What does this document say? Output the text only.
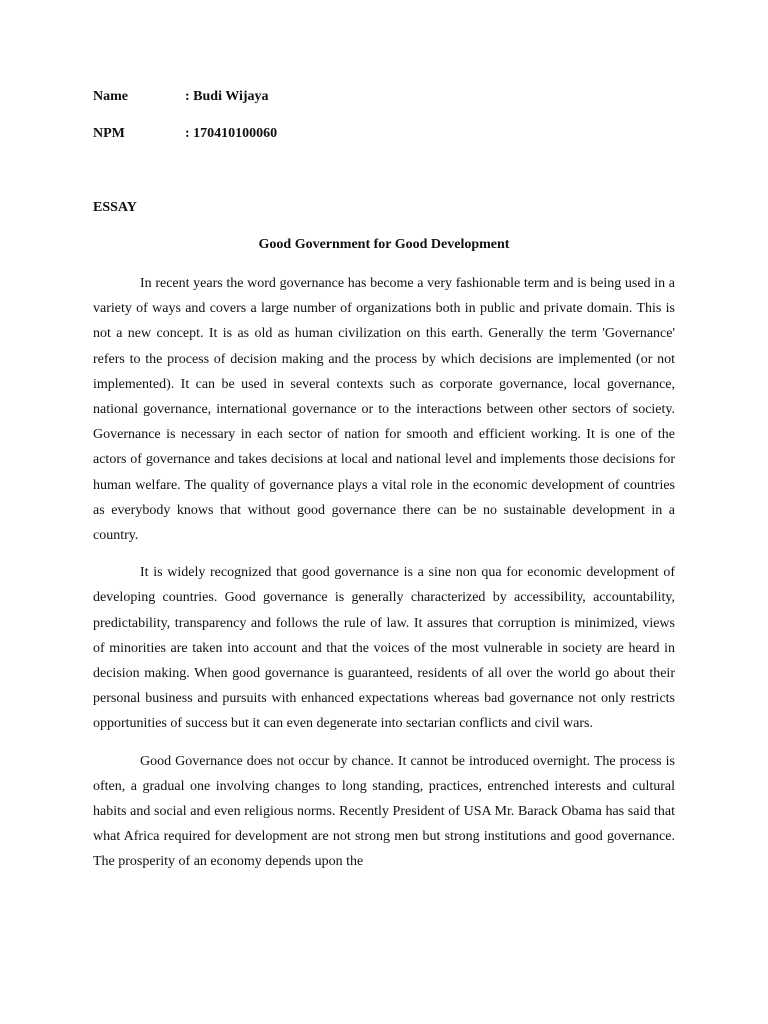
Name	: Budi Wijaya
NPM	: 170410100060
ESSAY
Good Government for Good Development

In recent years the word governance has become a very fashionable term and is being used in a variety of ways and covers a large number of organizations both in public and private domain. This is not a new concept. It is as old as human civilization on this earth. Generally the term 'Governance' refers to the process of decision making and the process by which decisions are implemented (or not implemented). It can be used in several contexts such as corporate governance, local governance, national governance, international governance or to the interactions between other sectors of society. Governance is necessary in each sector of nation for smooth and efficient working. It is one of the actors of governance and takes decisions at local and national level and implements those decisions for human welfare. The quality of governance plays a vital role in the economic development of countries as everybody knows that without good governance there can be no sustainable development in a country.

It is widely recognized that good governance is a sine non qua for economic development of developing countries. Good governance is generally characterized by accessibility, accountability, predictability, transparency and follows the rule of law. It assures that corruption is minimized, views of minorities are taken into account and that the voices of the most vulnerable in society are heard in decision making. When good governance is guaranteed, residents of all over the world go about their personal business and pursuits with enhanced expectations whereas bad governance not only restricts opportunities of success but it can even degenerate into sectarian conflicts and civil wars.

Good Governance does not occur by chance. It cannot be introduced overnight. The process is often, a gradual one involving changes to long standing, practices, entrenched interests and cultural habits and social and even religious norms. Recently President of USA Mr. Barack Obama has said that what Africa required for development are not strong men but strong institutions and good governance. The prosperity of an economy depends upon the
